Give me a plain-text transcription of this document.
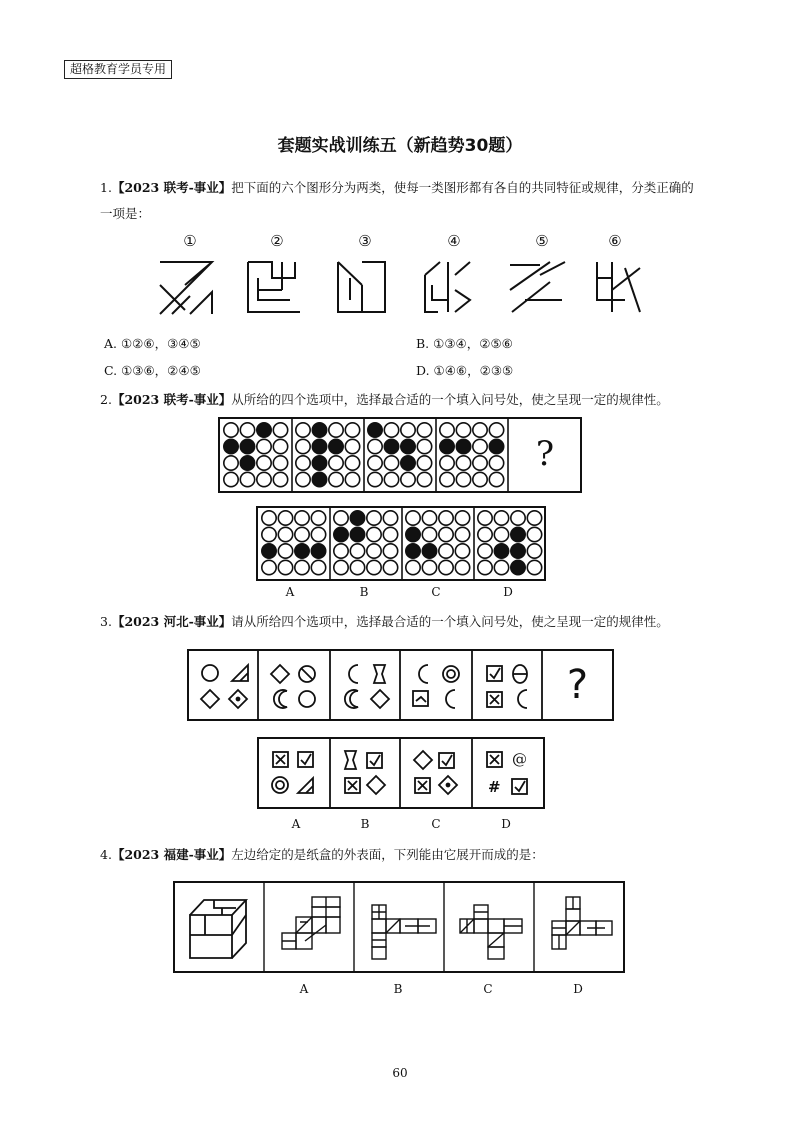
超格教育学员专用
套题实战训练五（新趋势30题）
1.【2023 联考-事业】把下面的六个图形分为两类，使每一类图形都有各自的共同特征或规律，分类正确的
一项是：
①	②	③	④	⑤	⑥
A. ①②⑥，③④⑤	B. ①③④，②⑤⑥
C. ①③⑥，②④⑤	D. ①④⑥，②③⑤
2.【2023 联考-事业】从所给的四个选项中，选择最合适的一个填入问号处，使之呈现一定的规律性。
?
A	B	C	D
3.【2023 河北-事业】请从所给四个选项中，选择最合适的一个填入问号处，使之呈现一定的规律性。
?
@
#
A	B	C	D
4.【2023 福建-事业】左边给定的是纸盒的外表面，下列能由它展开而成的是：
A	B	C	D
60
